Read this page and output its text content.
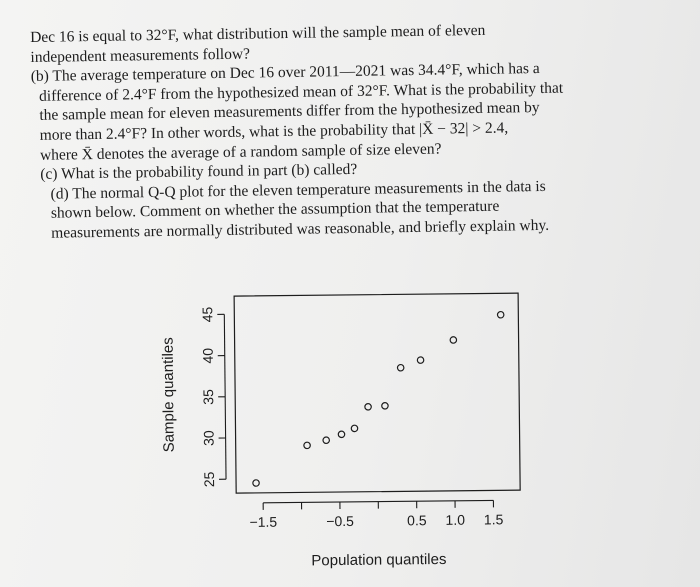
Dec 16 is equal to 32°F, what distribution will the sample mean of eleven
independent measurements follow?
(b) The average temperature on Dec 16 over 2011—2021 was 34.4°F, which has a
difference of 2.4°F from the hypothesized mean of 32°F. What is the probability that
the sample mean for eleven measurements differ from the hypothesized mean by
more than 2.4°F? In other words, what is the probability that |X̄ − 32| > 2.4,
where X̄ denotes the average of a random sample of size eleven?
(c) What is the probability found in part (b) called?
(d) The normal Q-Q plot for the eleven temperature measurements in the data is
shown below. Comment on whether the assumption that the temperature
measurements are normally distributed was reasonable, and briefly explain why.
−1.5	−0.5	0.5 1.0 1.5
25
30
35
40
45
Population quantiles
Sample quantiles
